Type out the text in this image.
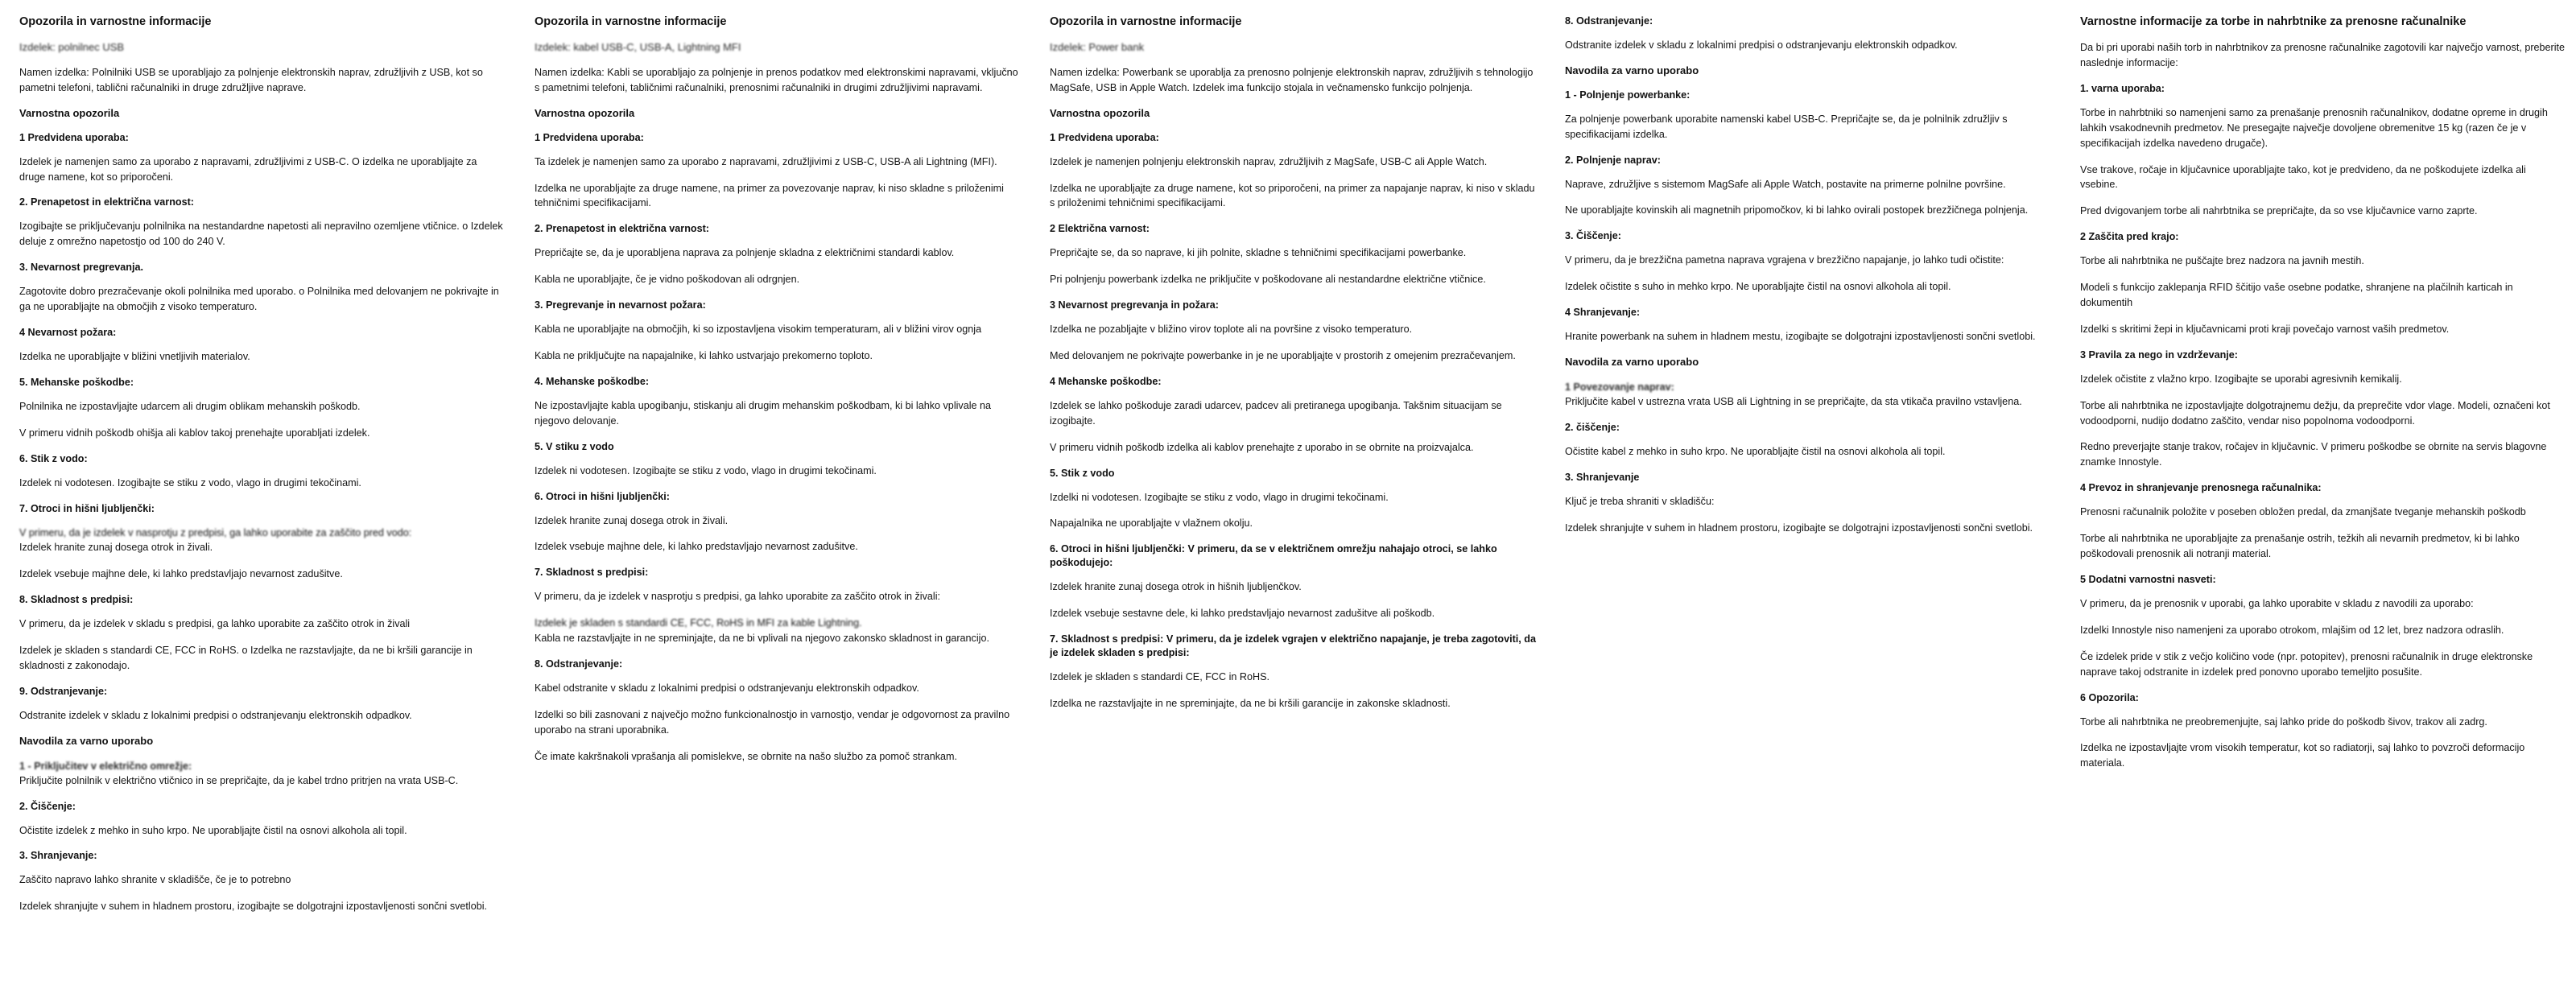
Opozorila in varnostne informacije
Izdelek: polnilnec USB

Namen izdelka: Polnilniki USB se uporabljajo za polnjenje elektronskih naprav, združljivih z USB, kot so pametni telefoni, tablični računalniki in druge združljive naprave.

Varnostna opozorila
1 Predvidena uporaba:

Izdelek je namenjen samo za uporabo z napravami, združljivimi z USB-C. O izdelka ne uporabljajte za druge namene, kot so priporočeni.

2. Prenapetost in električna varnost:

Izogibajte se priključevanju polnilnika na nestandardne napetosti ali nepravilno ozemljene vtičnice. o Izdelek deluje z omrežno napetostjo od 100 do 240 V.

3. Nevarnost pregrevanja.

Zagotovite dobro prezračevanje okoli polnilnika med uporabo. o Polnilnika med delovanjem ne pokrivajte in ga ne uporabljajte na območjih z visoko temperaturo.

4 Nevarnost požara:

Izdelka ne uporabljajte v bližini vnetljivih materialov.

5. Mehanske poškodbe:

Polnilnika ne izpostavljajte udarcem ali drugim oblikam mehanskih poškodb.

V primeru vidnih poškodb ohišja ali kablov takoj prenehajte uporabljati izdelek.

6. Stik z vodo:

Izdelek ni vodotesen. Izogibajte se stiku z vodo, vlago in drugimi tekočinami.

7. Otroci in hišni ljubljenčki:

V primeru, da je izdelek v nasprotju z predpisi, ga lahko uporabite za zaščito pred vodo:

Izdelek hranite zunaj dosega otrok in živali.

Izdelek vsebuje majhne dele, ki lahko predstavljajo nevarnost zadušitve.

8. Skladnost s predpisi:

V primeru, da je izdelek v skladu s predpisi, ga lahko uporabite za zaščito otrok in živali

Izdelek je skladen s standardi CE, FCC in RoHS. o Izdelka ne razstavljajte, da ne bi kršili garancije in skladnosti z zakonodajo.

9. Odstranjevanje:

Odstranite izdelek v skladu z lokalnimi predpisi o odstranjevanju elektronskih odpadkov.

Navodila za varno uporabo
1 - Priključitev v električno omrežje:

Priključite polnilnik v električno vtičnico in se prepričajte, da je kabel trdno pritrjen na vrata USB-C.

2. Čiščenje:

Očistite izdelek z mehko in suho krpo. Ne uporabljajte čistil na osnovi alkohola ali topil.

3. Shranjevanje:

Zaščito napravo lahko shranite v skladišče, če je to potrebno

Izdelek shranjujte v suhem in hladnem prostoru, izogibajte se dolgotrajni izpostavljenosti sončni svetlobi.

Opozorila in varnostne informacije
Izdelek: kabel USB-C, USB-A, Lightning MFI

Namen izdelka: Kabli se uporabljajo za polnjenje in prenos podatkov med elektronskimi napravami, vključno s pametnimi telefoni, tabličnimi računalniki, prenosnimi računalniki in drugimi združljivimi napravami.

Varnostna opozorila
1 Predvidena uporaba:

Ta izdelek je namenjen samo za uporabo z napravami, združljivimi z USB-C, USB-A ali Lightning (MFI).

Izdelka ne uporabljajte za druge namene, na primer za povezovanje naprav, ki niso skladne s priloženimi tehničnimi specifikacijami.

2. Prenapetost in električna varnost:

Prepričajte se, da je uporabljena naprava za polnjenje skladna z električnimi standardi kablov.

Kabla ne uporabljajte, če je vidno poškodovan ali odrgnjen.

3. Pregrevanje in nevarnost požara:

Kabla ne uporabljajte na območjih, ki so izpostavljena visokim temperaturam, ali v bližini virov ognja

Kabla ne priključujte na napajalnike, ki lahko ustvarjajo prekomerno toploto.

4. Mehanske poškodbe:

Ne izpostavljajte kabla upogibanju, stiskanju ali drugim mehanskim poškodbam, ki bi lahko vplivale na njegovo delovanje.

5. V stiku z vodo

Izdelek ni vodotesen. Izogibajte se stiku z vodo, vlago in drugimi tekočinami.

6. Otroci in hišni ljubljenčki:

Izdelek hranite zunaj dosega otrok in živali.

Izdelek vsebuje majhne dele, ki lahko predstavljajo nevarnost zadušitve.

7. Skladnost s predpisi:

V primeru, da je izdelek v nasprotju s predpisi, ga lahko uporabite za zaščito otrok in živali:

Izdelek je skladen s standardi CE, FCC, RoHS in MFI za kable Lightning.

Kabla ne razstavljajte in ne spreminjajte, da ne bi vplivali na njegovo zakonsko skladnost in garancijo.

8. Odstranjevanje:

Kabel odstranite v skladu z lokalnimi predpisi o odstranjevanju elektronskih odpadkov.

Izdelki so bili zasnovani z največjo možno funkcionalnostjo in varnostjo, vendar je odgovornost za pravilno uporabo na strani uporabnika.

Če imate kakršnakoli vprašanja ali pomislekve, se obrnite na našo službo za pomoč strankam.

Opozorila in varnostne informacije
Izdelek: Power bank

Namen izdelka: Powerbank se uporablja za prenosno polnjenje elektronskih naprav, združljivih s tehnologijo MagSafe, USB in Apple Watch. Izdelek ima funkcijo stojala in večnamensko funkcijo polnjenja.

Varnostna opozorila
1 Predvidena uporaba:

Izdelek je namenjen polnjenju elektronskih naprav, združljivih z MagSafe, USB-C ali Apple Watch.

Izdelka ne uporabljajte za druge namene, kot so priporočeni, na primer za napajanje naprav, ki niso v skladu s priloženimi tehničnimi specifikacijami.

2 Električna varnost:

Prepričajte se, da so naprave, ki jih polnite, skladne s tehničnimi specifikacijami powerbanke.

Pri polnjenju powerbank izdelka ne priključite v poškodovane ali nestandardne električne vtičnice.

3 Nevarnost pregrevanja in požara:

Izdelka ne pozabljajte v bližino virov toplote ali na površine z visoko temperaturo.

Med delovanjem ne pokrivajte powerbanke in je ne uporabljajte v prostorih z omejenim prezračevanjem.

4 Mehanske poškodbe:

Izdelek se lahko poškoduje zaradi udarcev, padcev ali pretiranega upogibanja. Takšnim situacijam se izogibajte.

V primeru vidnih poškodb izdelka ali kablov prenehajte z uporabo in se obrnite na proizvajalca.

5. Stik z vodo

Izdelki ni vodotesen. Izogibajte se stiku z vodo, vlago in drugimi tekočinami.

Napajalnika ne uporabljajte v vlažnem okolju.

6. Otroci in hišni ljubljenčki: V primeru, da se v električnem omrežju nahajajo otroci, se lahko poškodujejo:

Izdelek hranite zunaj dosega otrok in hišnih ljubljenčkov.

Izdelek vsebuje sestavne dele, ki lahko predstavljajo nevarnost zadušitve ali poškodb.

7. Skladnost s predpisi: V primeru, da je izdelek vgrajen v električno napajanje, je treba zagotoviti, da je izdelek skladen s predpisi:

Izdelek je skladen s standardi CE, FCC in RoHS.

Izdelka ne razstavljajte in ne spreminjajte, da ne bi kršili garancije in zakonske skladnosti.

8. Odstranjevanje:

Odstranite izdelek v skladu z lokalnimi predpisi o odstranjevanju elektronskih odpadkov.

Navodila za varno uporabo
1 - Polnjenje powerbanke:

Za polnjenje powerbank uporabite namenski kabel USB-C. Prepričajte se, da je polnilnik združljiv s specifikacijami izdelka.

2. Polnjenje naprav:

Naprave, združljive s sistemom MagSafe ali Apple Watch, postavite na primerne polnilne površine.

Ne uporabljajte kovinskih ali magnetnih pripomočkov, ki bi lahko ovirali postopek brezžičnega polnjenja.

3. Čiščenje:

V primeru, da je brezžična pametna naprava vgrajena v brezžično napajanje, jo lahko tudi očistite:

Izdelek očistite s suho in mehko krpo. Ne uporabljajte čistil na osnovi alkohola ali topil.

4 Shranjevanje:

Hranite powerbank na suhem in hladnem mestu, izogibajte se dolgotrajni izpostavljenosti sončni svetlobi.

Navodila za varno uporabo
1 Povezovanje naprav:

Priključite kabel v ustrezna vrata USB ali Lightning in se prepričajte, da sta vtikača pravilno vstavljena.

2. čiščenje:

Očistite kabel z mehko in suho krpo. Ne uporabljajte čistil na osnovi alkohola ali topil.

3. Shranjevanje

Ključ je treba shraniti v skladišču:

Izdelek shranjujte v suhem in hladnem prostoru, izogibajte se dolgotrajni izpostavljenosti sončni svetlobi.

Varnostne informacije za torbe in nahrbtnike za prenosne računalnike

Da bi pri uporabi naših torb in nahrbtnikov za prenosne računalnike zagotovili kar največjo varnost, preberite naslednje informacije:

1. varna uporaba:

Torbe in nahrbtniki so namenjeni samo za prenašanje prenosnih računalnikov, dodatne opreme in drugih lahkih vsakodnevnih predmetov. Ne presegajte največje dovoljene obremenitve 15 kg (razen če je v specifikacijah izdelka navedeno drugače).

Vse trakove, ročaje in ključavnice uporabljajte tako, kot je predvideno, da ne poškodujete izdelka ali vsebine.

Pred dvigovanjem torbe ali nahrbtnika se prepričajte, da so vse ključavnice varno zaprte.

2 Zaščita pred krajo:

Torbe ali nahrbtnika ne puščajte brez nadzora na javnih mestih.

Modeli s funkcijo zaklepanja RFID ščitijo vaše osebne podatke, shranjene na plačilnih karticah in dokumentih

Izdelki s skritimi žepi in ključavnicami proti kraji povečajo varnost vaših predmetov.

3 Pravila za nego in vzdrževanje:

Izdelek očistite z vlažno krpo. Izogibajte se uporabi agresivnih kemikalij.

Torbe ali nahrbtnika ne izpostavljajte dolgotrajnemu dežju, da preprečite vdor vlage. Modeli, označeni kot vodoodporni, nudijo dodatno zaščito, vendar niso popolnoma vodoodporni.

Redno preverjajte stanje trakov, ročajev in ključavnic. V primeru poškodbe se obrnite na servis blagovne znamke Innostyle.

4 Prevoz in shranjevanje prenosnega računalnika:

Prenosni računalnik položite v poseben obložen predal, da zmanjšate tveganje mehanskih poškodb

Torbe ali nahrbtnika ne uporabljajte za prenašanje ostrih, težkih ali nevarnih predmetov, ki bi lahko poškodovali prenosnik ali notranji material.

5 Dodatni varnostni nasveti:

V primeru, da je prenosnik v uporabi, ga lahko uporabite v skladu z navodili za uporabo:

Izdelki Innostyle niso namenjeni za uporabo otrokom, mlajšim od 12 let, brez nadzora odraslih.

Če izdelek pride v stik z večjo količino vode (npr. potopitev), prenosni računalnik in druge elektronske naprave takoj odstranite in izdelek pred ponovno uporabo temeljito posušite.

6 Opozorila:

Torbe ali nahrbtnika ne preobremenjujte, saj lahko pride do poškodb šivov, trakov ali zadrg.

Izdelka ne izpostavljajte vrom visokih temperatur, kot so radiatorji, saj lahko to povzroči deformacijo materiala.
